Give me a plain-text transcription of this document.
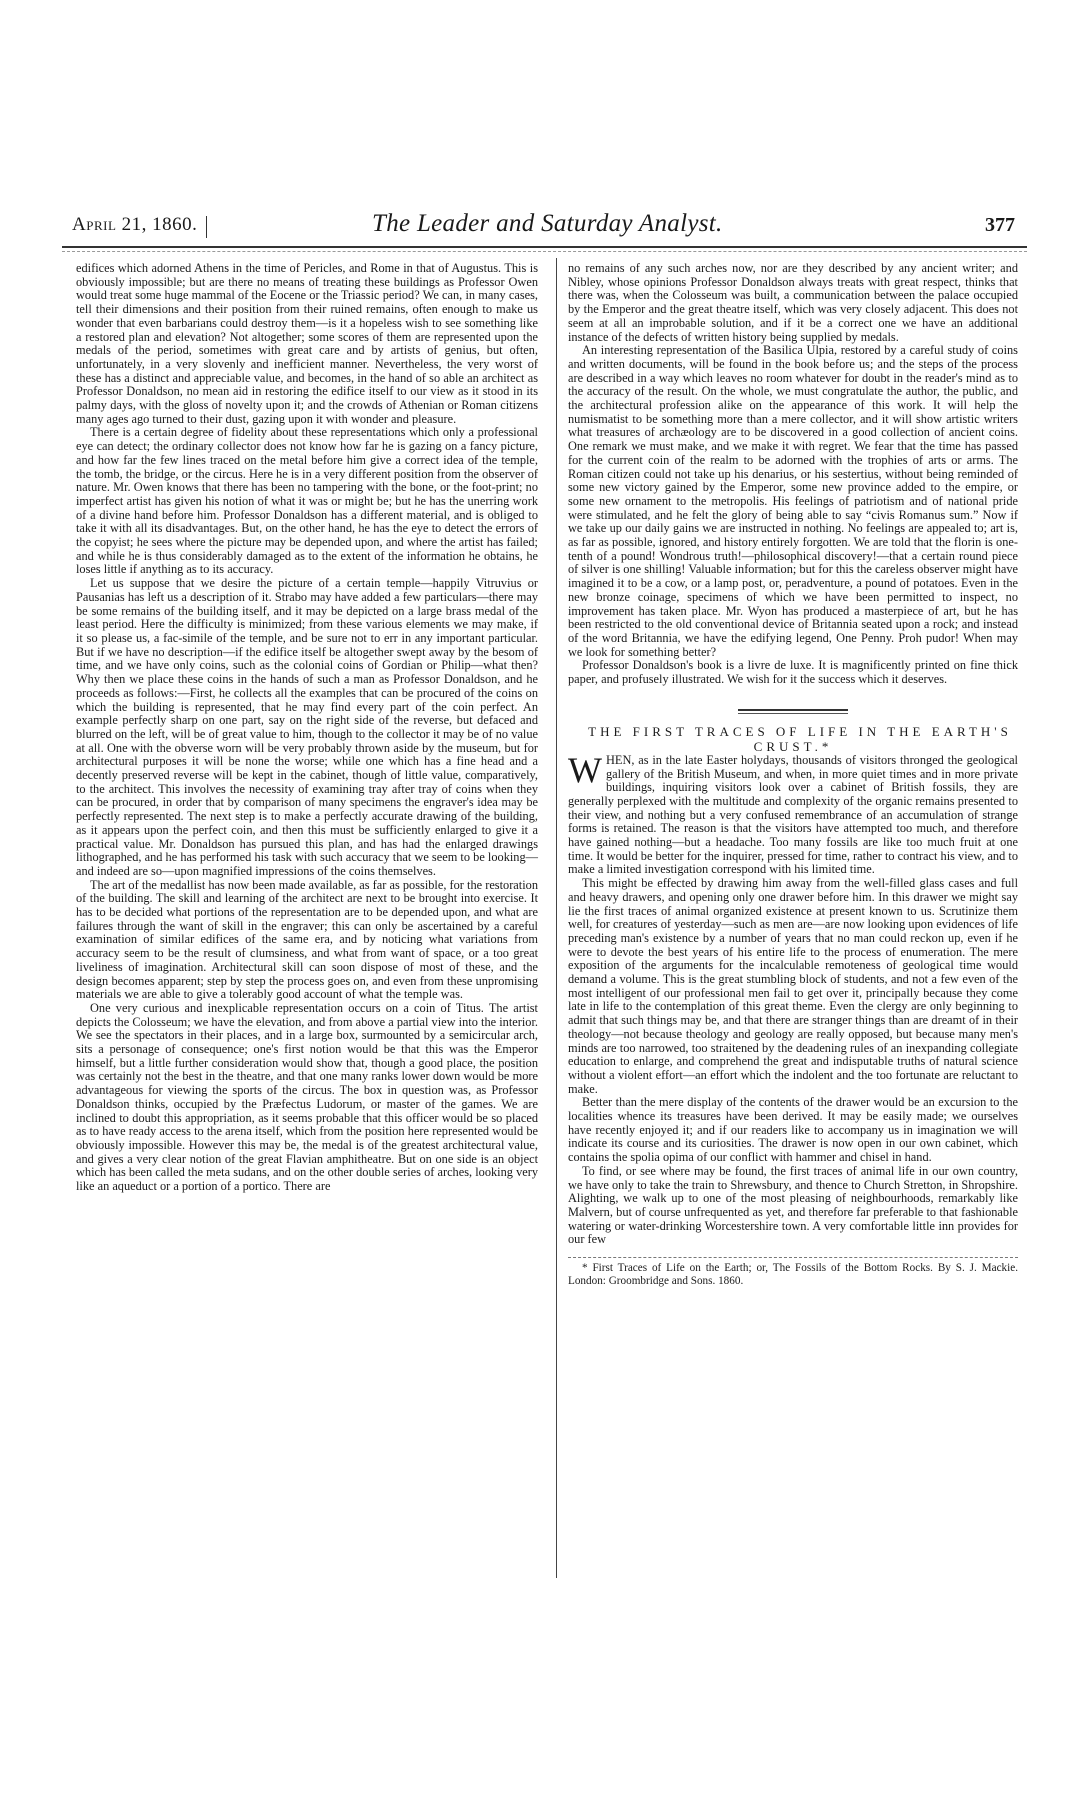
April 21, 1860.	The Leader and Saturday Analyst.	377

edifices which adorned Athens in the time of Pericles, and Rome in that of Augustus. This is obviously impossible; but are there no means of treating these buildings as Professor Owen would treat some huge mammal of the Eocene or the Triassic period? We can, in many cases, tell their dimensions and their position from their ruined remains, often enough to make us wonder that even barbarians could destroy them—is it a hopeless wish to see something like a restored plan and elevation? Not altogether; some scores of them are represented upon the medals of the period, sometimes with great care and by artists of genius, but often, unfortunately, in a very slovenly and inefficient manner. Nevertheless, the very worst of these has a distinct and appreciable value, and becomes, in the hand of so able an architect as Professor Donaldson, no mean aid in restoring the edifice itself to our view as it stood in its palmy days, with the gloss of novelty upon it; and the crowds of Athenian or Roman citizens many ages ago turned to their dust, gazing upon it with wonder and pleasure.

There is a certain degree of fidelity about these representations which only a professional eye can detect; the ordinary collector does not know how far he is gazing on a fancy picture, and how far the few lines traced on the metal before him give a correct idea of the temple, the tomb, the bridge, or the circus. Here he is in a very different position from the observer of nature. Mr. Owen knows that there has been no tampering with the bone, or the foot-print; no imperfect artist has given his notion of what it was or might be; but he has the unerring work of a divine hand before him. Professor Donaldson has a different material, and is obliged to take it with all its disadvantages. But, on the other hand, he has the eye to detect the errors of the copyist; he sees where the picture may be depended upon, and where the artist has failed; and while he is thus considerably damaged as to the extent of the information he obtains, he loses little if anything as to its accuracy.

Let us suppose that we desire the picture of a certain temple—happily Vitruvius or Pausanias has left us a description of it. Strabo may have added a few particulars—there may be some remains of the building itself, and it may be depicted on a large brass medal of the least period. Here the difficulty is minimized; from these various elements we may make, if it so please us, a fac-simile of the temple, and be sure not to err in any important particular. But if we have no description—if the edifice itself be altogether swept away by the besom of time, and we have only coins, such as the colonial coins of Gordian or Philip—what then? Why then we place these coins in the hands of such a man as Professor Donaldson, and he proceeds as follows:—First, he collects all the examples that can be procured of the coins on which the building is represented, that he may find every part of the coin perfect. An example perfectly sharp on one part, say on the right side of the reverse, but defaced and blurred on the left, will be of great value to him, though to the collector it may be of no value at all. One with the obverse worn will be very probably thrown aside by the museum, but for architectural purposes it will be none the worse; while one which has a fine head and a decently preserved reverse will be kept in the cabinet, though of little value, comparatively, to the architect. This involves the necessity of examining tray after tray of coins when they can be procured, in order that by comparison of many specimens the engraver's idea may be perfectly represented. The next step is to make a perfectly accurate drawing of the building, as it appears upon the perfect coin, and then this must be sufficiently enlarged to give it a practical value. Mr. Donaldson has pursued this plan, and has had the enlarged drawings lithographed, and he has performed his task with such accuracy that we seem to be looking—and indeed are so—upon magnified impressions of the coins themselves.

The art of the medallist has now been made available, as far as possible, for the restoration of the building. The skill and learning of the architect are next to be brought into exercise. It has to be decided what portions of the representation are to be depended upon, and what are failures through the want of skill in the engraver; this can only be ascertained by a careful examination of similar edifices of the same era, and by noticing what variations from accuracy seem to be the result of clumsiness, and what from want of space, or a too great liveliness of imagination. Architectural skill can soon dispose of most of these, and the design becomes apparent; step by step the process goes on, and even from these unpromising materials we are able to give a tolerably good account of what the temple was.

One very curious and inexplicable representation occurs on a coin of Titus. The artist depicts the Colosseum; we have the elevation, and from above a partial view into the interior. We see the spectators in their places, and in a large box, surmounted by a semicircular arch, sits a personage of consequence; one's first notion would be that this was the Emperor himself, but a little further consideration would show that, though a good place, the position was certainly not the best in the theatre, and that one many ranks lower down would be more advantageous for viewing the sports of the circus. The box in question was, as Professor Donaldson thinks, occupied by the Præfectus Ludorum, or master of the games. We are inclined to doubt this appropriation, as it seems probable that this officer would be so placed as to have ready access to the arena itself, which from the position here represented would be obviously impossible. However this may be, the medal is of the greatest architectural value, and gives a very clear notion of the great Flavian amphitheatre. But on one side is an object which has been called the meta sudans, and on the other double series of arches, looking very like an aqueduct or a portion of a portico. There are

no remains of any such arches now, nor are they described by any ancient writer; and Nibley, whose opinions Professor Donaldson always treats with great respect, thinks that there was, when the Colosseum was built, a communication between the palace occupied by the Emperor and the great theatre itself, which was very closely adjacent. This does not seem at all an improbable solution, and if it be a correct one we have an additional instance of the defects of written history being supplied by medals.

An interesting representation of the Basilica Ulpia, restored by a careful study of coins and written documents, will be found in the book before us; and the steps of the process are described in a way which leaves no room whatever for doubt in the reader's mind as to the accuracy of the result. On the whole, we must congratulate the author, the public, and the architectural profession alike on the appearance of this work. It will help the numismatist to be something more than a mere collector, and it will show artistic writers what treasures of archæology are to be discovered in a good collection of ancient coins. One remark we must make, and we make it with regret. We fear that the time has passed for the current coin of the realm to be adorned with the trophies of arts or arms. The Roman citizen could not take up his denarius, or his sestertius, without being reminded of some new victory gained by the Emperor, some new province added to the empire, or some new ornament to the metropolis. His feelings of patriotism and of national pride were stimulated, and he felt the glory of being able to say “civis Romanus sum.” Now if we take up our daily gains we are instructed in nothing. No feelings are appealed to; art is, as far as possible, ignored, and history entirely forgotten. We are told that the florin is one-tenth of a pound! Wondrous truth!—philosophical discovery!—that a certain round piece of silver is one shilling! Valuable information; but for this the careless observer might have imagined it to be a cow, or a lamp post, or, peradventure, a pound of potatoes. Even in the new bronze coinage, specimens of which we have been permitted to inspect, no improvement has taken place. Mr. Wyon has produced a masterpiece of art, but he has been restricted to the old conventional device of Britannia seated upon a rock; and instead of the word Britannia, we have the edifying legend, One Penny. Proh pudor! When may we look for something better?

Professor Donaldson's book is a livre de luxe. It is magnificently printed on fine thick paper, and profusely illustrated. We wish for it the success which it deserves.

THE FIRST TRACES OF LIFE IN THE EARTH'S CRUST.*

WHEN, as in the late Easter holydays, thousands of visitors thronged the geological gallery of the British Museum, and when, in more quiet times and in more private buildings, inquiring visitors look over a cabinet of British fossils, they are generally perplexed with the multitude and complexity of the organic remains presented to their view, and nothing but a very confused remembrance of an accumulation of strange forms is retained. The reason is that the visitors have attempted too much, and therefore have gained nothing—but a headache. Too many fossils are like too much fruit at one time. It would be better for the inquirer, pressed for time, rather to contract his view, and to make a limited investigation correspond with his limited time.

This might be effected by drawing him away from the well-filled glass cases and full and heavy drawers, and opening only one drawer before him. In this drawer we might say lie the first traces of animal organized existence at present known to us. Scrutinize them well, for creatures of yesterday—such as men are—are now looking upon evidences of life preceding man's existence by a number of years that no man could reckon up, even if he were to devote the best years of his entire life to the process of enumeration. The mere exposition of the arguments for the incalculable remoteness of geological time would demand a volume. This is the great stumbling block of students, and not a few even of the most intelligent of our professional men fail to get over it, principally because they come late in life to the contemplation of this great theme. Even the clergy are only beginning to admit that such things may be, and that there are stranger things than are dreamt of in their theology—not because theology and geology are really opposed, but because many men's minds are too narrowed, too straitened by the deadening rules of an inexpanding collegiate education to enlarge, and comprehend the great and indisputable truths of natural science without a violent effort—an effort which the indolent and the too fortunate are reluctant to make.

Better than the mere display of the contents of the drawer would be an excursion to the localities whence its treasures have been derived. It may be easily made; we ourselves have recently enjoyed it; and if our readers like to accompany us in imagination we will indicate its course and its curiosities. The drawer is now open in our own cabinet, which contains the spolia opima of our conflict with hammer and chisel in hand.

To find, or see where may be found, the first traces of animal life in our own country, we have only to take the train to Shrewsbury, and thence to Church Stretton, in Shropshire. Alighting, we walk up to one of the most pleasing of neighbourhoods, remarkably like Malvern, but of course unfrequented as yet, and therefore far preferable to that fashionable watering or water-drinking Worcestershire town. A very comfortable little inn provides for our few

* First Traces of Life on the Earth; or, The Fossils of the Bottom Rocks. By S. J. Mackie. London: Groombridge and Sons. 1860.
